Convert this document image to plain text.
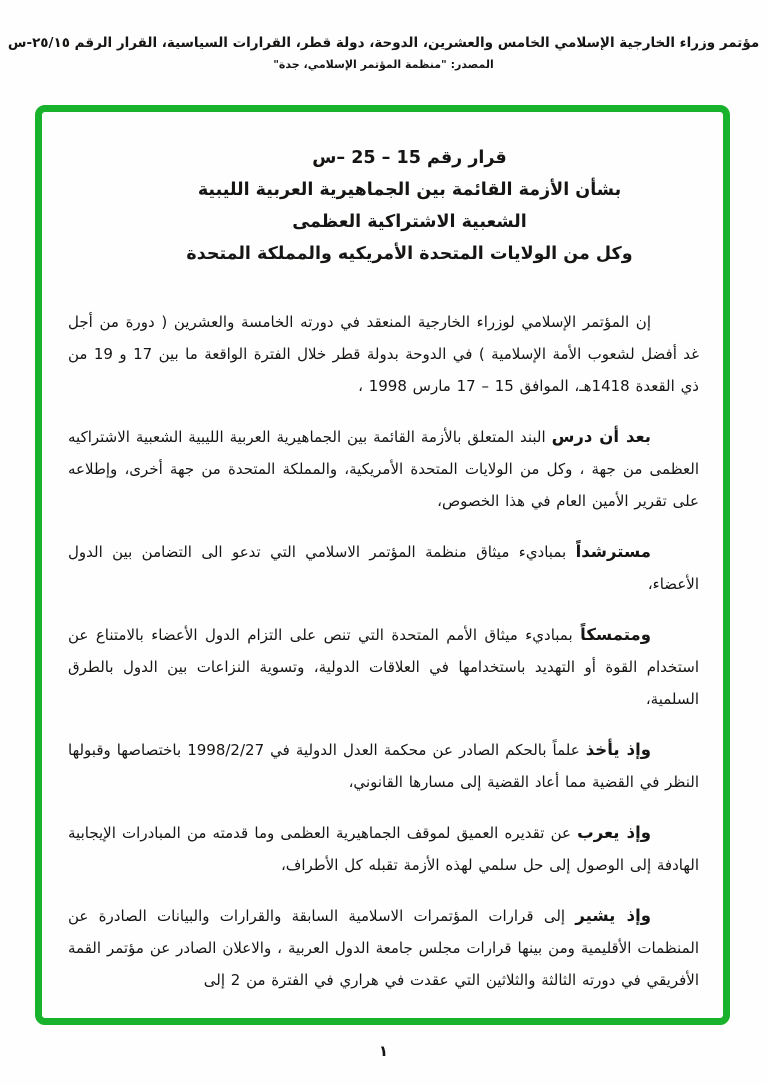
مؤتمر وزراء الخارجية الإسلامي الخامس والعشرين، الدوحة، دولة قطر، القرارات السياسية، القرار الرقم ٢٥/١٥-س
المصدر: "منظمة المؤتمر الإسلامي، جدة"
قرار رقم 15 – 25 –س
بشأن الأزمة القائمة بين الجماهيرية العربية الليبية
الشعبية الاشتراكية العظمى
وكل من الولايات المتحدة الأمريكيه والمملكة المتحدة

إن المؤتمر الإسلامي لوزراء الخارجية المنعقد في دورته الخامسة والعشرين ( دورة من أجل غد أفضل لشعوب الأمة الإسلامية ) في الدوحة بدولة قطر خلال الفترة الواقعة ما بين 17 و 19 من ذي القعدة 1418هـ، الموافق 15 – 17 مارس 1998 ،

بعد أن درس البند المتعلق بالأزمة القائمة بين الجماهيرية العربية الليبية الشعبية الاشتراكيه العظمى من جهة ، وكل من الولايات المتحدة الأمريكية، والمملكة المتحدة من جهة أخرى، وإطلاعه على تقرير الأمين العام في هذا الخصوص،

مسترشداً بمباديء ميثاق منظمة المؤتمر الاسلامي التي تدعو الى التضامن بين الدول الأعضاء،

ومتمسكاً بمباديء ميثاق الأمم المتحدة التي تنص على التزام الدول الأعضاء بالامتناع عن استخدام القوة أو التهديد باستخدامها في العلاقات الدولية، وتسوية النزاعات بين الدول بالطرق السلمية،

وإذ يأخذ علماً بالحكم الصادر عن محكمة العدل الدولية في 1998/2/27 باختصاصها وقبولها النظر في القضية مما أعاد القضية إلى مسارها القانوني،

وإذ يعرب عن تقديره العميق لموقف الجماهيرية العظمى وما قدمته من المبادرات الإيجابية الهادفة إلى الوصول إلى حل سلمي لهذه الأزمة تقبله كل الأطراف،

وإذ يشير إلى قرارات المؤتمرات الاسلامية السابقة والقرارات والبيانات الصادرة عن المنظمات الأقليمية ومن بينها قرارات مجلس جامعة الدول العربية ، والاعلان الصادر عن مؤتمر القمة الأفريقي في دورته الثالثة والثلاثين التي عقدت في هراري في الفترة من 2 إلى

١
